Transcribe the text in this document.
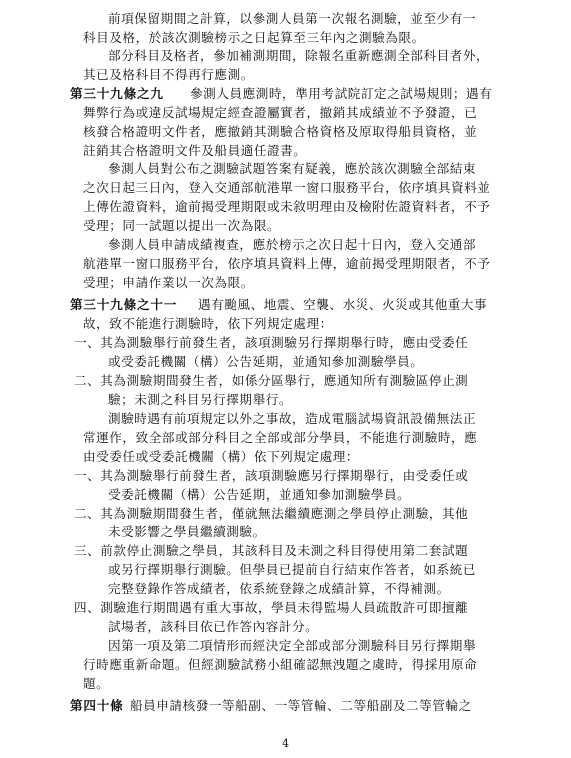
前項保留期間之計算，以參測人員第一次報名測驗，並至少有一
科目及格，於該次測驗榜示之日起算至三年內之測驗為限。
部分科目及格者，參加補測期間，除報名重新應測全部科目者外，
其已及格科目不得再行應測。
第三十九條之九 參測人員應測時，準用考試院訂定之試場規則；遇有
舞弊行為或違反試場規定經查證屬實者，撤銷其成績並不予發證，已
核發合格證明文件者，應撤銷其測驗合格資格及原取得船員資格，並
註銷其合格證明文件及船員適任證書。
參測人員對公布之測驗試題答案有疑義，應於該次測驗全部結束
之次日起三日內，登入交通部航港單一窗口服務平台，依序填具資料並
上傳佐證資料，逾前揭受理期限或未敘明理由及檢附佐證資料者，不予
受理；同一試題以提出一次為限。
參測人員申請成績複查，應於榜示之次日起十日內，登入交通部
航港單一窗口服務平台，依序填具資料上傳，逾前揭受理期限者，不予
受理；申請作業以一次為限。
第三十九條之十一 遇有颱風、地震、空襲、水災、火災或其他重大事
故，致不能進行測驗時，依下列規定處理：
一、其為測驗舉行前發生者，該項測驗另行擇期舉行時，應由受委任
或受委託機關（構）公告延期，並通知參加測驗學員。
二、其為測驗期間發生者，如係分區舉行，應通知所有測驗區停止測
驗；未測之科目另行擇期舉行。
測驗時遇有前項規定以外之事故，造成電腦試場資訊設備無法正
常運作，致全部或部分科目之全部或部分學員，不能進行測驗時，應
由受委任或受委託機關（構）依下列規定處理：
一、其為測驗舉行前發生者，該項測驗應另行擇期舉行，由受委任或
受委託機關（構）公告延期，並通知參加測驗學員。
二、其為測驗期間發生者，僅就無法繼續應測之學員停止測驗，其他
未受影響之學員繼續測驗。
三、前款停止測驗之學員，其該科目及未測之科目得使用第二套試題
或另行擇期舉行測驗。但學員已提前自行結束作答者，如系統已
完整登錄作答成績者，依系統登錄之成績計算，不得補測。
四、測驗進行期間遇有重大事故，學員未得監場人員疏散許可即擅離
試場者，該科目依已作答內容計分。
因第一項及第二項情形而經決定全部或部分測驗科目另行擇期舉
行時應重新命題。但經測驗試務小組確認無洩題之虞時，得採用原命
題。
第四十條 船員申請核發一等船副、一等管輪、二等船副及二等管輪之
4
